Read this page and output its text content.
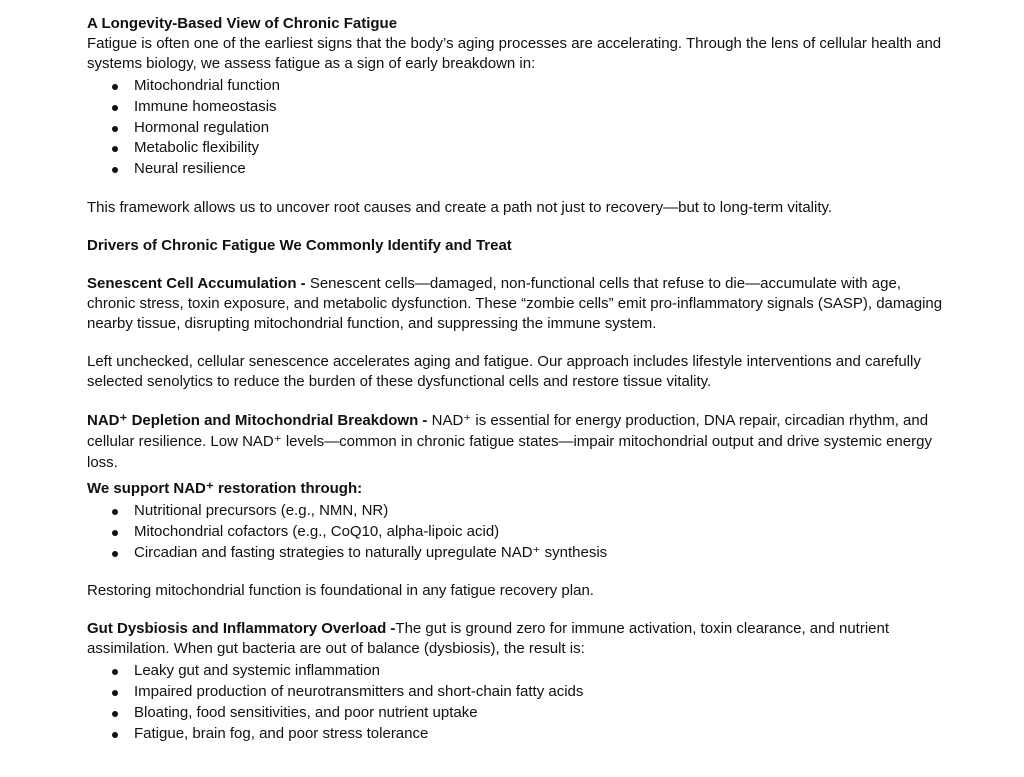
A Longevity-Based View of Chronic Fatigue

Fatigue is often one of the earliest signs that the body’s aging processes are accelerating. Through the lens of cellular health and systems biology, we assess fatigue as a sign of early breakdown in:

Mitochondrial function
Immune homeostasis
Hormonal regulation
Metabolic flexibility
Neural resilience

This framework allows us to uncover root causes and create a path not just to recovery—but to long-term vitality.

Drivers of Chronic Fatigue We Commonly Identify and Treat

Senescent Cell Accumulation - Senescent cells—damaged, non-functional cells that refuse to die—accumulate with age, chronic stress, toxin exposure, and metabolic dysfunction. These “zombie cells” emit pro-inflammatory signals (SASP), damaging nearby tissue, disrupting mitochondrial function, and suppressing the immune system.

Left unchecked, cellular senescence accelerates aging and fatigue. Our approach includes lifestyle interventions and carefully selected senolytics to reduce the burden of these dysfunctional cells and restore tissue vitality.

NAD⁺ Depletion and Mitochondrial Breakdown - NAD⁺ is essential for energy production, DNA repair, circadian rhythm, and cellular resilience. Low NAD⁺ levels—common in chronic fatigue states—impair mitochondrial output and drive systemic energy loss.

We support NAD⁺ restoration through:

Nutritional precursors (e.g., NMN, NR)
Mitochondrial cofactors (e.g., CoQ10, alpha-lipoic acid)
Circadian and fasting strategies to naturally upregulate NAD⁺ synthesis

Restoring mitochondrial function is foundational in any fatigue recovery plan.

Gut Dysbiosis and Inflammatory Overload -The gut is ground zero for immune activation, toxin clearance, and nutrient assimilation. When gut bacteria are out of balance (dysbiosis), the result is:

Leaky gut and systemic inflammation
Impaired production of neurotransmitters and short-chain fatty acids
Bloating, food sensitivities, and poor nutrient uptake
Fatigue, brain fog, and poor stress tolerance
